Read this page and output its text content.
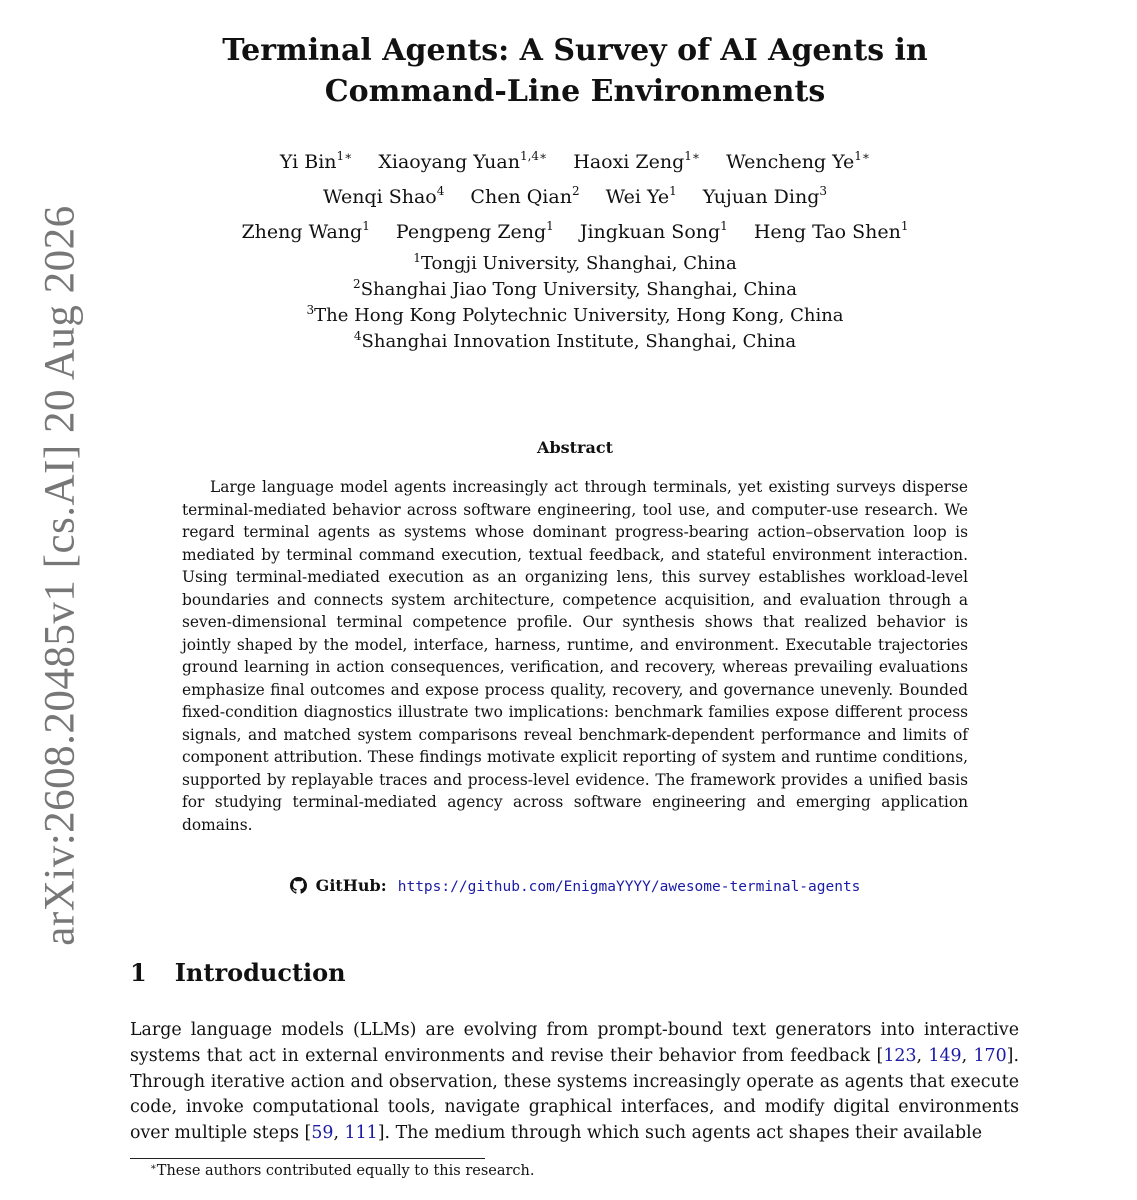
arXiv:2608.20485v1 [cs.AI] 20 Aug 2026
Terminal Agents: A Survey of AI Agents in
Command-Line Environments
Yi Bin$^{1∗}$ Xiaoyang Yuan$^{1,4∗}$ Haoxi Zeng$^{1∗}$ Wencheng $Ye^{1∗}$
Wenqi Shao$^4$ Chen Qian$^2$ Wei Ye$^1$ Yujuan Ding$^3$
Zheng Wang$^1$ Pengpeng Zeng$^1$ Jingkuan Song$^1$ Heng Tao Shen$^1$
$^1$Tongji University, Shanghai, China
$^2$Shanghai Jiao Tong University, Shanghai, China
$^3$The Hong Kong Polytechnic University, Hong Kong, China
$^4$Shanghai Innovation Institute, Shanghai, China
Abstract

Large language model agents increasingly act through terminals, yet existing surveys disperse terminal-mediated behavior across software engineering, tool use, and computer-use research. We regard terminal agents as systems whose dominant progress-bearing action–observation loop is mediated by terminal command execution, textual feedback, and stateful environment interaction. Using terminal-mediated execution as an organizing lens, this survey establishes workload-level boundaries and connects system architecture, competence acquisition, and evaluation through a seven-dimensional terminal competence profile. Our synthesis shows that realized behavior is jointly shaped by the model, interface, harness, runtime, and environment. Executable trajectories ground learning in action consequences, verification, and recovery, whereas prevailing evaluations emphasize final outcomes and expose process quality, recovery, and governance unevenly. Bounded fixed-condition diagnostics illustrate two implications: benchmark families expose different process signals, and matched system comparisons reveal benchmark-dependent performance and limits of component attribution. These findings motivate explicit reporting of system and runtime conditions, supported by replayable traces and process-level evidence. The framework provides a unified basis for studying terminal-mediated agency across software engineering and emerging application domains.

GitHub: https://github.com/EnigmaYYYY/awesome-terminal-agents
1 Introduction

Large language models (LLMs) are evolving from prompt-bound text generators into interactive systems that act in external environments and revise their behavior from feedback [123, 149, 170]. Through iterative action and observation, these systems increasingly operate as agents that execute code, invoke computational tools, navigate graphical interfaces, and modify digital environments over multiple steps [59, 111]. The medium through which such agents act shapes their available

∗These authors contributed equally to this research.
